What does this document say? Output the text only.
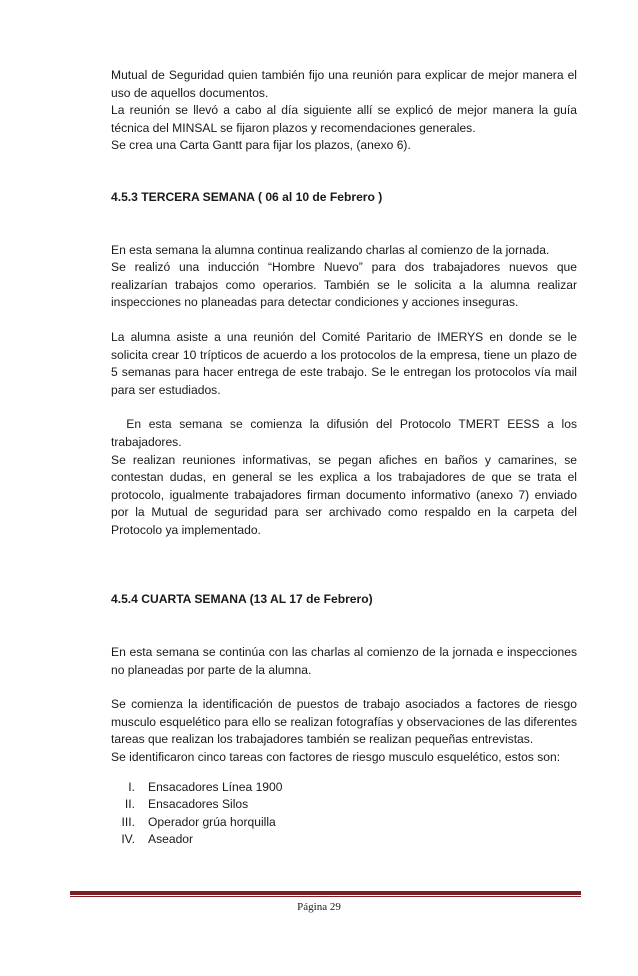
Mutual de Seguridad quien también fijo una reunión para explicar de mejor manera el uso de aquellos documentos.

La reunión se llevó a cabo al día siguiente allí se explicó de mejor manera la guía técnica del MINSAL se fijaron plazos y recomendaciones generales.

Se crea una Carta Gantt para fijar los plazos, (anexo 6).

4.5.3 TERCERA SEMANA ( 06 al 10 de Febrero )

En esta semana la alumna continua realizando charlas al comienzo de la jornada.

Se realizó una inducción “Hombre Nuevo” para dos trabajadores nuevos que realizarían trabajos como operarios. También se le solicita a la alumna realizar inspecciones no planeadas para detectar condiciones y acciones inseguras.

La alumna asiste a una reunión del Comité Paritario de IMERYS en donde se le solicita crear 10 trípticos de acuerdo a los protocolos de la empresa, tiene un plazo de 5 semanas para hacer entrega de este trabajo. Se le entregan los protocolos vía mail para ser estudiados.

En esta semana se comienza la difusión del Protocolo TMERT EESS a los trabajadores.

Se realizan reuniones informativas, se pegan afiches en baños y camarines, se contestan dudas, en general se les explica a los trabajadores de que se trata el protocolo, igualmente trabajadores firman documento informativo (anexo 7) enviado por la Mutual de seguridad para ser archivado como respaldo en la carpeta del Protocolo ya implementado.

4.5.4 CUARTA SEMANA (13 AL 17 de Febrero)

En esta semana se continúa con las charlas al comienzo de la jornada e inspecciones no planeadas por parte de la alumna.

Se comienza la identificación de puestos de trabajo asociados a factores de riesgo musculo esquelético para ello se realizan fotografías y observaciones de las diferentes tareas que realizan los trabajadores también se realizan pequeñas entrevistas.

Se identificaron cinco tareas con factores de riesgo musculo esquelético, estos son:

I. Ensacadores Línea 1900
II. Ensacadores Silos
III. Operador grúa horquilla
IV. Aseador
Página 29
